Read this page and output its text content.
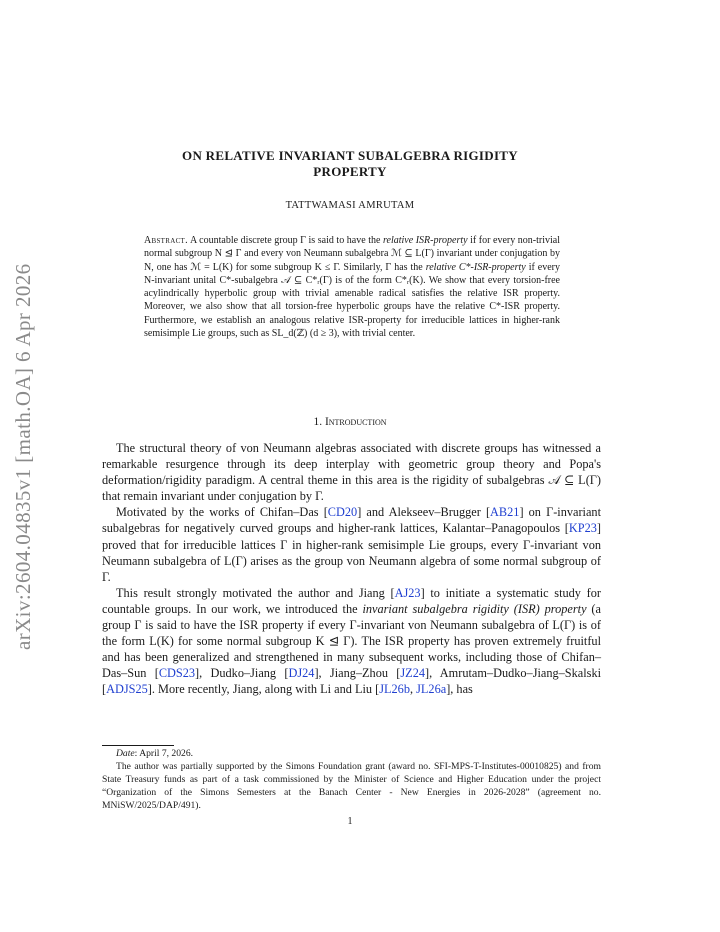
arXiv:2604.04835v1 [math.OA] 6 Apr 2026
ON RELATIVE INVARIANT SUBALGEBRA RIGIDITY
PROPERTY
TATTWAMASI AMRUTAM
Abstract. A countable discrete group Γ is said to have the relative ISR-property if for every non-trivial normal subgroup N ⊴ Γ and every von Neumann subalgebra ℳ ⊆ L(Γ) invariant under conjugation by N, one has ℳ = L(K) for some subgroup K ≤ Γ. Similarly, Γ has the relative C*-ISR-property if every N-invariant unital C*-subalgebra 𝒜 ⊆ C*ᵣ(Γ) is of the form C*ᵣ(K). We show that every torsion-free acylindrically hyperbolic group with trivial amenable radical satisfies the relative ISR property. Moreover, we also show that all torsion-free hyperbolic groups have the relative C*-ISR property. Furthermore, we establish an analogous relative ISR-property for irreducible lattices in higher-rank semisimple Lie groups, such as SL_d(ℤ) (d ≥ 3), with trivial center.
1. Introduction

The structural theory of von Neumann algebras associated with discrete groups has witnessed a remarkable resurgence through its deep interplay with geometric group theory and Popa's deformation/rigidity paradigm. A central theme in this area is the rigidity of subalgebras 𝒜 ⊆ L(Γ) that remain invariant under conjugation by Γ.

Motivated by the works of Chifan–Das [CD20] and Alekseev–Brugger [AB21] on Γ-invariant subalgebras for negatively curved groups and higher-rank lattices, Kalantar–Panagopoulos [KP23] proved that for irreducible lattices Γ in higher-rank semisimple Lie groups, every Γ-invariant von Neumann subalgebra of L(Γ) arises as the group von Neumann algebra of some normal subgroup of Γ.

This result strongly motivated the author and Jiang [AJ23] to initiate a systematic study for countable groups. In our work, we introduced the invariant subalgebra rigidity (ISR) property (a group Γ is said to have the ISR property if every Γ-invariant von Neumann subalgebra of L(Γ) is of the form L(K) for some normal subgroup K ⊴ Γ). The ISR property has proven extremely fruitful and has been generalized and strengthened in many subsequent works, including those of Chifan–Das–Sun [CDS23], Dudko–Jiang [DJ24], Jiang–Zhou [JZ24], Amrutam–Dudko–Jiang–Skalski [ADJS25]. More recently, Jiang, along with Li and Liu [JL26b, JL26a], has

Date: April 7, 2026.

The author was partially supported by the Simons Foundation grant (award no. SFI-MPS-T-Institutes-00010825) and from State Treasury funds as part of a task commissioned by the Minister of Science and Higher Education under the project “Organization of the Simons Semesters at the Banach Center - New Energies in 2026-2028” (agreement no. MNiSW/2025/DAP/491).

1
